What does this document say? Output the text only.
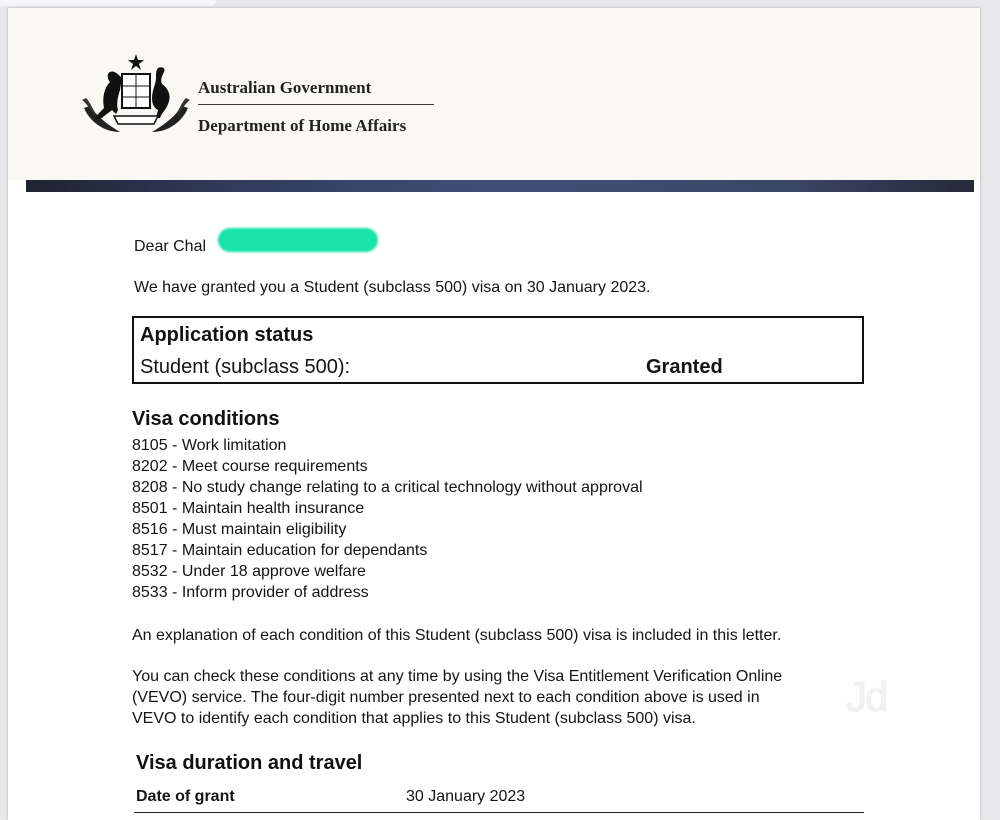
Australian Government
Department of Home Affairs
Dear Chal
We have granted you a Student (subclass 500) visa on 30 January 2023.
Application status
Student (subclass 500):	Granted
Visa conditions
8105 - Work limitation
8202 - Meet course requirements
8208 - No study change relating to a critical technology without approval
8501 - Maintain health insurance
8516 - Must maintain eligibility
8517 - Maintain education for dependants
8532 - Under 18 approve welfare
8533 - Inform provider of address
An explanation of each condition of this Student (subclass 500) visa is included in this letter.
You can check these conditions at any time by using the Visa Entitlement Verification Online
(VEVO) service. The four-digit number presented next to each condition above is used in
VEVO to identify each condition that applies to this Student (subclass 500) visa.	Jd
Visa duration and travel
Date of grant	30 January 2023
